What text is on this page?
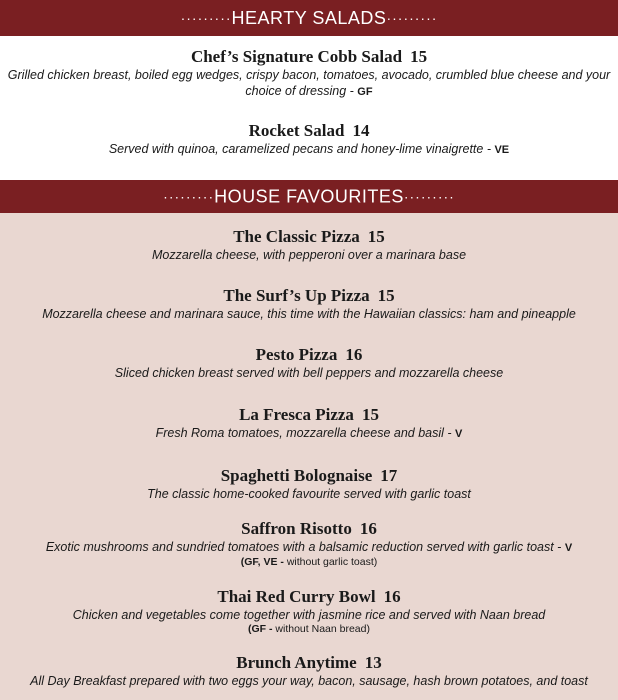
·········HEARTY SALADS·········
Chef’s Signature Cobb Salad 15
Grilled chicken breast, boiled egg wedges, crispy bacon, tomatoes, avocado, crumbled blue cheese and your choice of dressing - GF
Rocket Salad 14
Served with quinoa, caramelized pecans and honey-lime vinaigrette - VE
·········HOUSE FAVOURITES·········
The Classic Pizza 15
Mozzarella cheese, with pepperoni over a marinara base
The Surf’s Up Pizza 15
Mozzarella cheese and marinara sauce, this time with the Hawaiian classics: ham and pineapple
Pesto Pizza 16
Sliced chicken breast served with bell peppers and mozzarella cheese
La Fresca Pizza 15
Fresh Roma tomatoes, mozzarella cheese and basil - V
Spaghetti Bolognaise 17
The classic home-cooked favourite served with garlic toast
Saffron Risotto 16
Exotic mushrooms and sundried tomatoes with a balsamic reduction served with garlic toast - V
(GF, VE - without garlic toast)
Thai Red Curry Bowl 16
Chicken and vegetables come together with jasmine rice and served with Naan bread
(GF - without Naan bread)
Brunch Anytime 13
All Day Breakfast prepared with two eggs your way, bacon, sausage, hash brown potatoes, and toast
